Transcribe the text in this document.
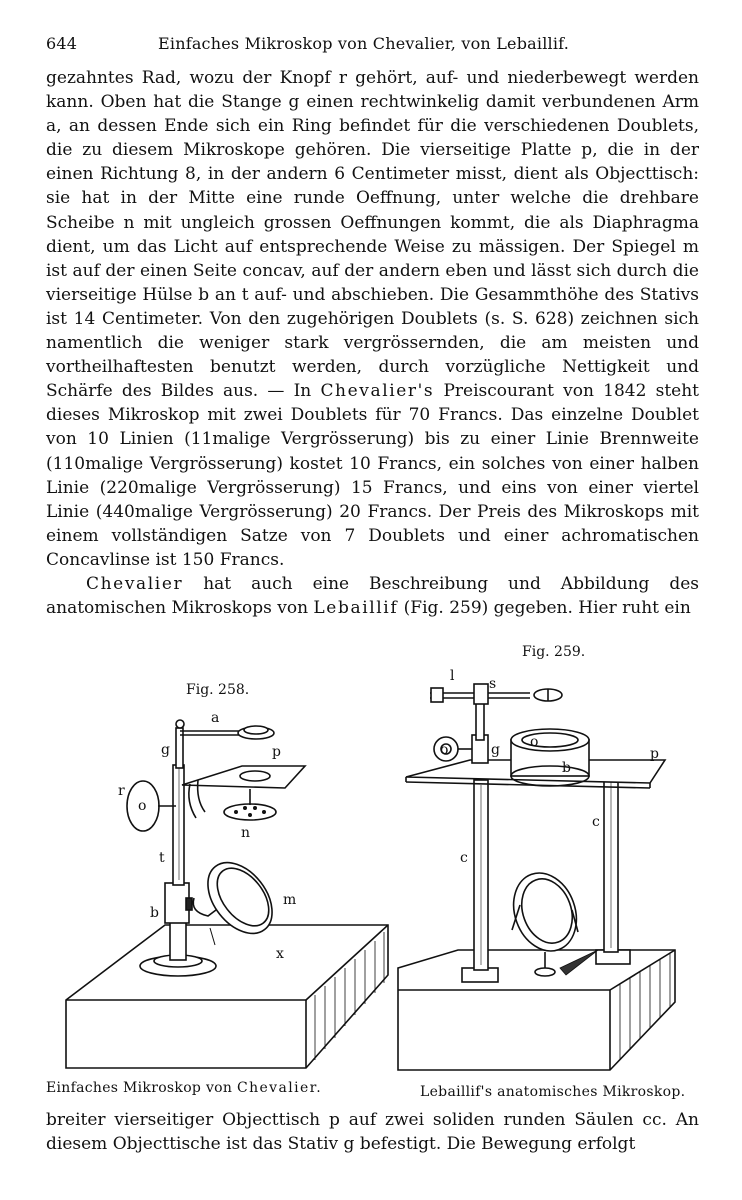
644	Einfaches Mikroskop von Chevalier, von Lebaillif.

gezahntes Rad, wozu der Knopf r gehört, auf- und niederbewegt werden kann. Oben hat die Stange g einen rechtwinkelig damit verbundenen Arm a, an dessen Ende sich ein Ring befindet für die verschiedenen Doublets, die zu diesem Mikroskope gehören. Die vierseitige Platte p, die in der einen Richtung 8, in der andern 6 Centimeter misst, dient als Objecttisch: sie hat in der Mitte eine runde Oeffnung, unter welche die drehbare Scheibe n mit ungleich grossen Oeffnungen kommt, die als Diaphragma dient, um das Licht auf entsprechende Weise zu mässigen. Der Spiegel m ist auf der einen Seite concav, auf der andern eben und lässt sich durch die vierseitige Hülse b an t auf- und abschieben. Die Gesammthöhe des Stativs ist 14 Centimeter. Von den zugehörigen Doublets (s. S. 628) zeichnen sich namentlich die weniger stark vergrössernden, die am meisten und vortheilhaftesten benutzt werden, durch vorzügliche Nettigkeit und Schärfe des Bildes aus. — In Chevalier's Preiscourant von 1842 steht dieses Mikroskop mit zwei Doublets für 70 Francs. Das einzelne Doublet von 10 Linien (11malige Vergrösserung) bis zu einer Linie Brennweite (110malige Vergrösserung) kostet 10 Francs, ein solches von einer halben Linie (220malige Vergrösserung) 15 Francs, und eins von einer viertel Linie (440malige Vergrösserung) 20 Francs. Der Preis des Mikroskops mit einem vollständigen Satze von 7 Doublets und einer achromatischen Concavlinse ist 150 Francs.

Chevalier hat auch eine Beschreibung und Abbildung des anatomischen Mikroskops von Lebaillif (Fig. 259) gegeben. Hier ruht ein

Fig. 258.
Fig. 259.
a
g	p
r
o
n
t
m
b
x
l s
o
g
o
b
p
c
c
Einfaches Mikroskop von Chevalier.	Lebaillif's anatomisches Mikroskop.

breiter vierseitiger Objecttisch p auf zwei soliden runden Säulen cc. An diesem Objecttische ist das Stativ g befestigt. Die Bewegung erfolgt
